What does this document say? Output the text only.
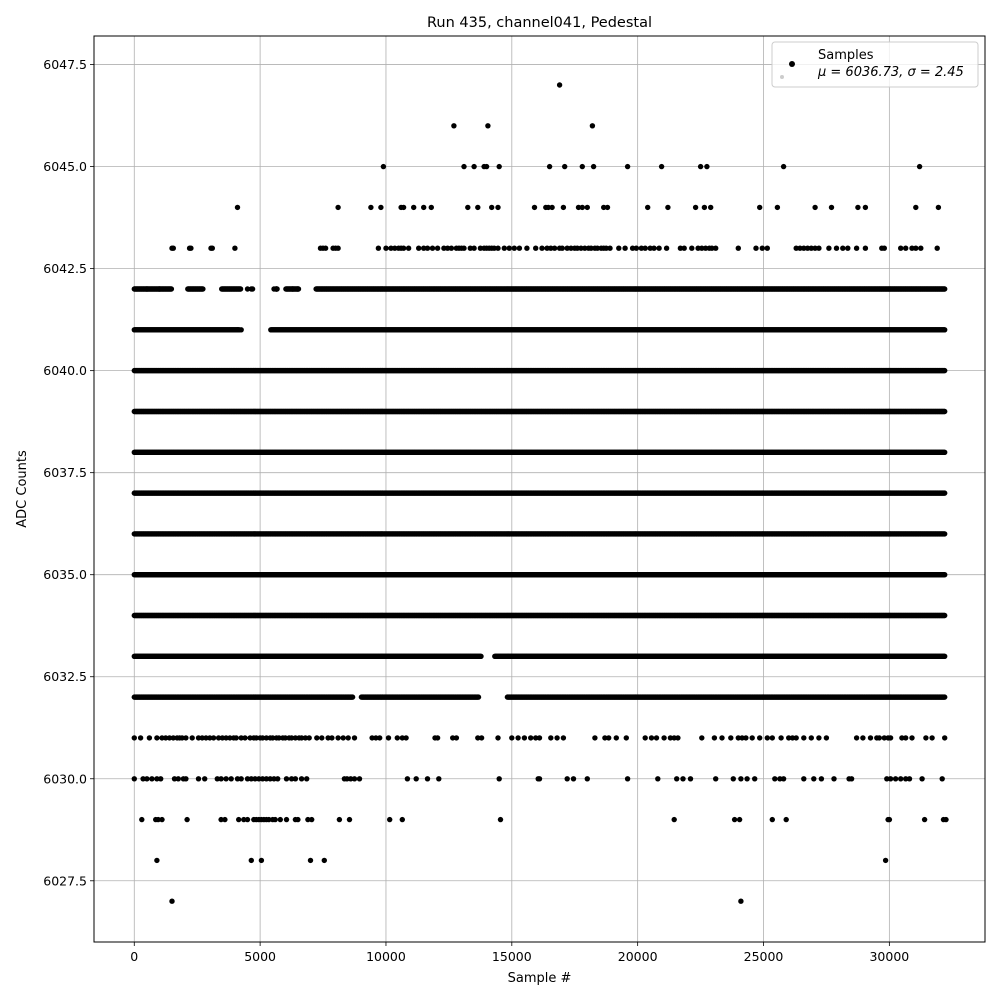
0	5000	10000	15000	20000	25000	30000
6027.5
6030.0
6032.5
6035.0
6037.5
6040.0
6042.5
6045.0
6047.5
Run 435, channel041, Pedestal
Sample #
ADC Counts
Samples
μ = 6036.73, σ = 2.45
